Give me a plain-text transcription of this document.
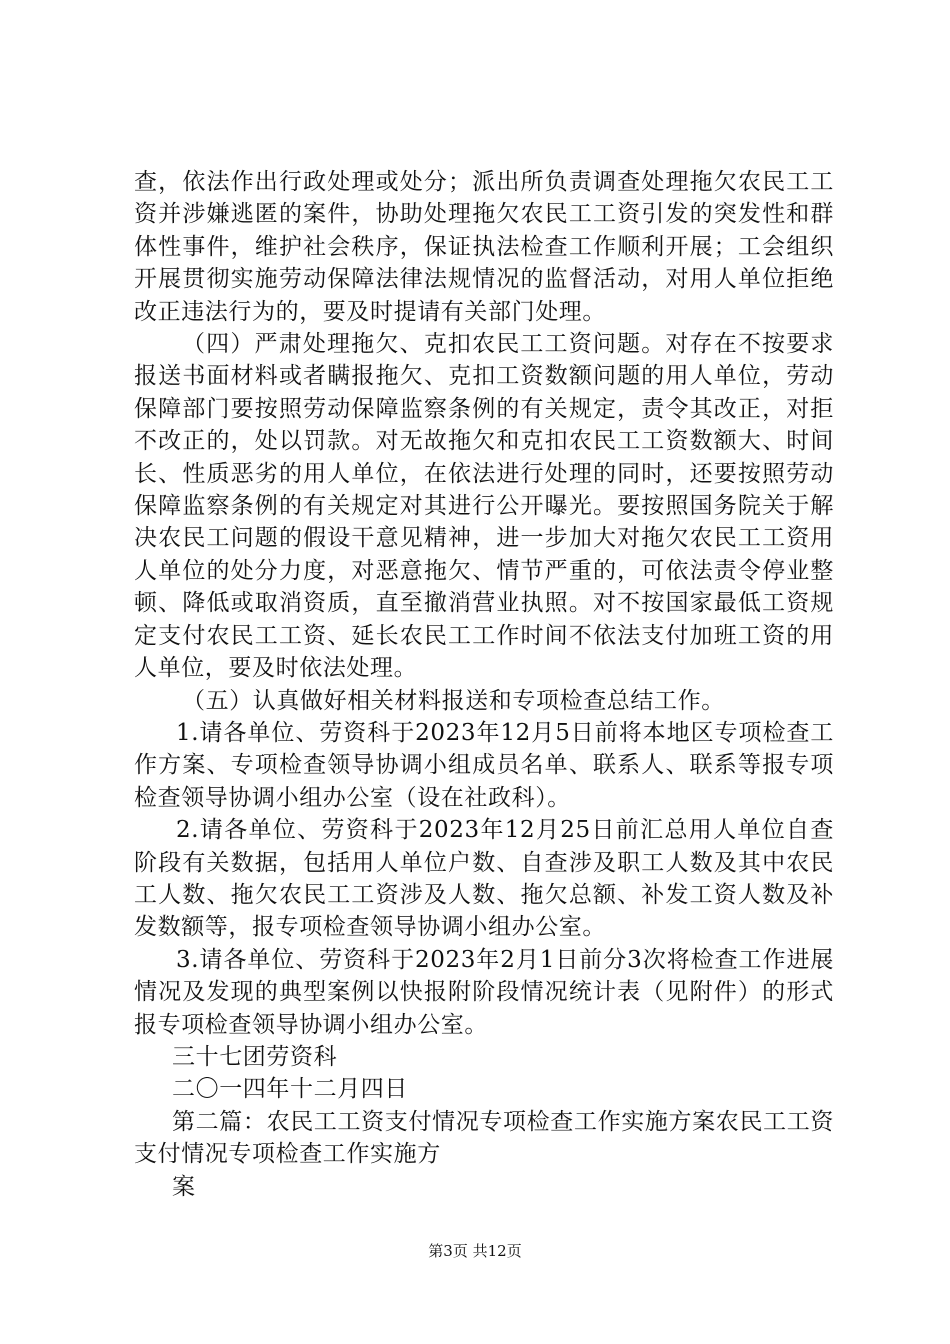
查，依法作出行政处理或处分；派出所负责调查处理拖欠农民工工资并涉嫌逃匿的案件，协助处理拖欠农民工工资引发的突发性和群体性事件，维护社会秩序，保证执法检查工作顺利开展；工会组织开展贯彻实施劳动保障法律法规情况的监督活动，对用人单位拒绝改正违法行为的，要及时提请有关部门处理。

（四）严肃处理拖欠、克扣农民工工资问题。对存在不按要求报送书面材料或者瞒报拖欠、克扣工资数额问题的用人单位，劳动保障部门要按照劳动保障监察条例的有关规定，责令其改正，对拒不改正的，处以罚款。对无故拖欠和克扣农民工工资数额大、时间长、性质恶劣的用人单位，在依法进行处理的同时，还要按照劳动保障监察条例的有关规定对其进行公开曝光。要按照国务院关于解决农民工问题的假设干意见精神，进一步加大对拖欠农民工工资用人单位的处分力度，对恶意拖欠、情节严重的，可依法责令停业整顿、降低或取消资质，直至撤消营业执照。对不按国家最低工资规定支付农民工工资、延长农民工工作时间不依法支付加班工资的用人单位，要及时依法处理。

（五）认真做好相关材料报送和专项检查总结工作。

1.请各单位、劳资科于2023年12月5日前将本地区专项检查工作方案、专项检查领导协调小组成员名单、联系人、联系等报专项检查领导协调小组办公室（设在社政科）。

2.请各单位、劳资科于2023年12月25日前汇总用人单位自查阶段有关数据，包括用人单位户数、自查涉及职工人数及其中农民工人数、拖欠农民工工资涉及人数、拖欠总额、补发工资人数及补发数额等，报专项检查领导协调小组办公室。

3.请各单位、劳资科于2023年2月1日前分3次将检查工作进展情况及发现的典型案例以快报附阶段情况统计表（见附件）的形式报专项检查领导协调小组办公室。

三十七团劳资科

二〇一四年十二月四日

第二篇：农民工工资支付情况专项检查工作实施方案农民工工资支付情况专项检查工作实施方

案

第3页 共12页
